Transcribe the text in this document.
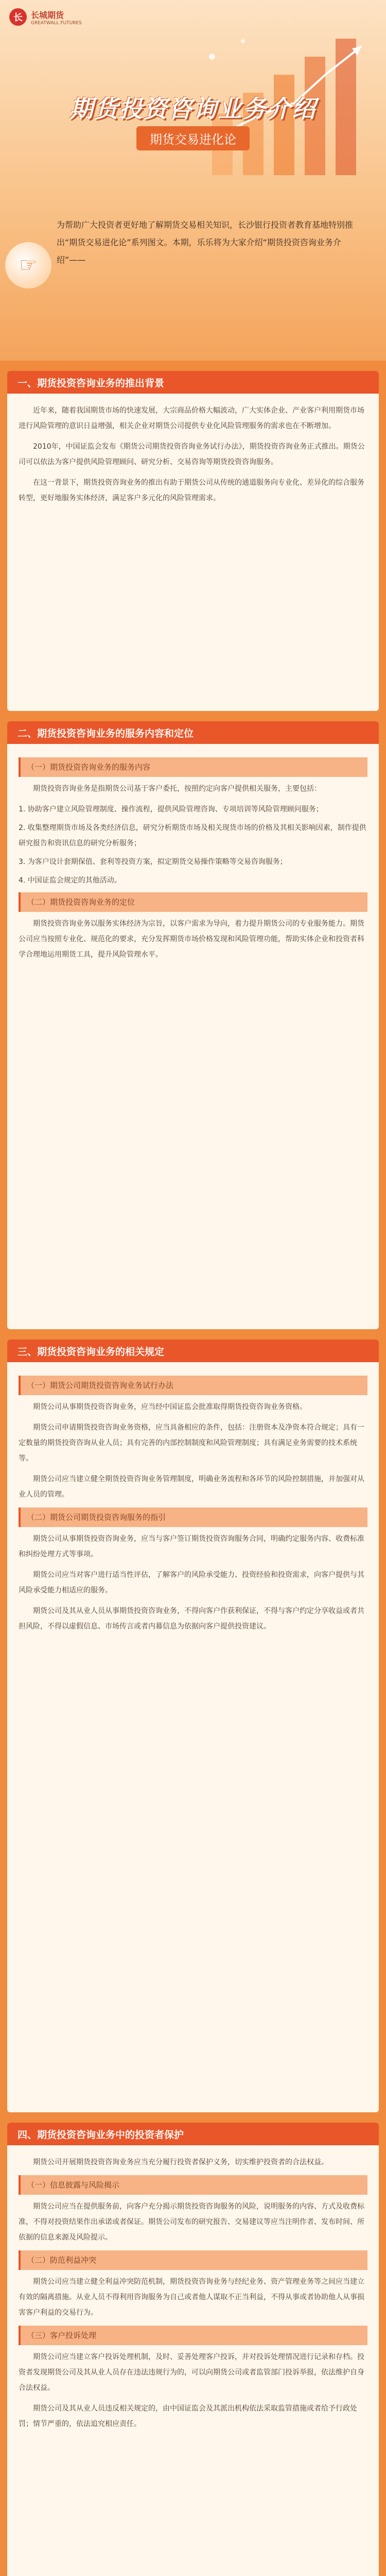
长	长城期货
GREATWALL FUTURES
期货投资咨询业务介绍
期货交易进化论
☞
为帮助广大投资者更好地了解期货交易相关知识，长沙银行投资者教育基地特别推出“期货交易进化论”系列图文。本期，乐乐将为大家介绍“期货投资咨询业务介绍”——
一、期货投资咨询业务的推出背景

近年来，随着我国期货市场的快速发展，大宗商品价格大幅波动，广大实体企业、产业客户利用期货市场进行风险管理的意识日益增强，相关企业对期货公司提供专业化风险管理服务的需求也在不断增加。

2010年，中国证监会发布《期货公司期货投资咨询业务试行办法》，期货投资咨询业务正式推出。期货公司可以依法为客户提供风险管理顾问、研究分析、交易咨询等期货投资咨询服务。

在这一背景下，期货投资咨询业务的推出有助于期货公司从传统的通道服务向专业化、差异化的综合服务转型，更好地服务实体经济，满足客户多元化的风险管理需求。

二、期货投资咨询业务的服务内容和定位
（一）期货投资咨询业务的服务内容

期货投资咨询业务是指期货公司基于客户委托，按照约定向客户提供相关服务，主要包括：

1. 协助客户建立风险管理制度、操作流程，提供风险管理咨询、专项培训等风险管理顾问服务；

2. 收集整理期货市场及各类经济信息，研究分析期货市场及相关现货市场的价格及其相关影响因素，制作提供研究报告和资讯信息的研究分析服务；

3. 为客户设计套期保值、套利等投资方案，拟定期货交易操作策略等交易咨询服务；

4. 中国证监会规定的其他活动。

（二）期货投资咨询业务的定位

期货投资咨询业务以服务实体经济为宗旨，以客户需求为导向，着力提升期货公司的专业服务能力。期货公司应当按照专业化、规范化的要求，充分发挥期货市场价格发现和风险管理功能，帮助实体企业和投资者科学合理地运用期货工具，提升风险管理水平。

三、期货投资咨询业务的相关规定
（一）期货公司期货投资咨询业务试行办法

期货公司从事期货投资咨询业务，应当经中国证监会批准取得期货投资咨询业务资格。

期货公司申请期货投资咨询业务资格，应当具备相应的条件，包括：注册资本及净资本符合规定；具有一定数量的期货投资咨询从业人员；具有完善的内部控制制度和风险管理制度；具有满足业务需要的技术系统等。

期货公司应当建立健全期货投资咨询业务管理制度，明确业务流程和各环节的风险控制措施，并加强对从业人员的管理。

（二）期货公司期货投资咨询服务的指引

期货公司从事期货投资咨询业务，应当与客户签订期货投资咨询服务合同，明确约定服务内容、收费标准和纠纷处理方式等事项。

期货公司应当对客户进行适当性评估，了解客户的风险承受能力、投资经验和投资需求，向客户提供与其风险承受能力相适应的服务。

期货公司及其从业人员从事期货投资咨询业务，不得向客户作获利保证，不得与客户约定分享收益或者共担风险，不得以虚假信息、市场传言或者内幕信息为依据向客户提供投资建议。

四、期货投资咨询业务中的投资者保护

期货公司开展期货投资咨询业务应当充分履行投资者保护义务，切实维护投资者的合法权益。

（一）信息披露与风险揭示

期货公司应当在提供服务前，向客户充分揭示期货投资咨询服务的风险，说明服务的内容、方式及收费标准，不得对投资结果作出承诺或者保证。期货公司发布的研究报告、交易建议等应当注明作者、发布时间、所依据的信息来源及风险提示。

（二）防范利益冲突

期货公司应当建立健全利益冲突防范机制，期货投资咨询业务与经纪业务、资产管理业务等之间应当建立有效的隔离措施。从业人员不得利用咨询服务为自己或者他人谋取不正当利益，不得从事或者协助他人从事损害客户利益的交易行为。

（三）客户投诉处理

期货公司应当建立客户投诉处理机制，及时、妥善处理客户投诉，并对投诉处理情况进行记录和存档。投资者发现期货公司及其从业人员存在违法违规行为的，可以向期货公司或者监管部门投诉举报，依法维护自身合法权益。

期货公司及其从业人员违反相关规定的，由中国证监会及其派出机构依法采取监管措施或者给予行政处罚；情节严重的，依法追究相应责任。
